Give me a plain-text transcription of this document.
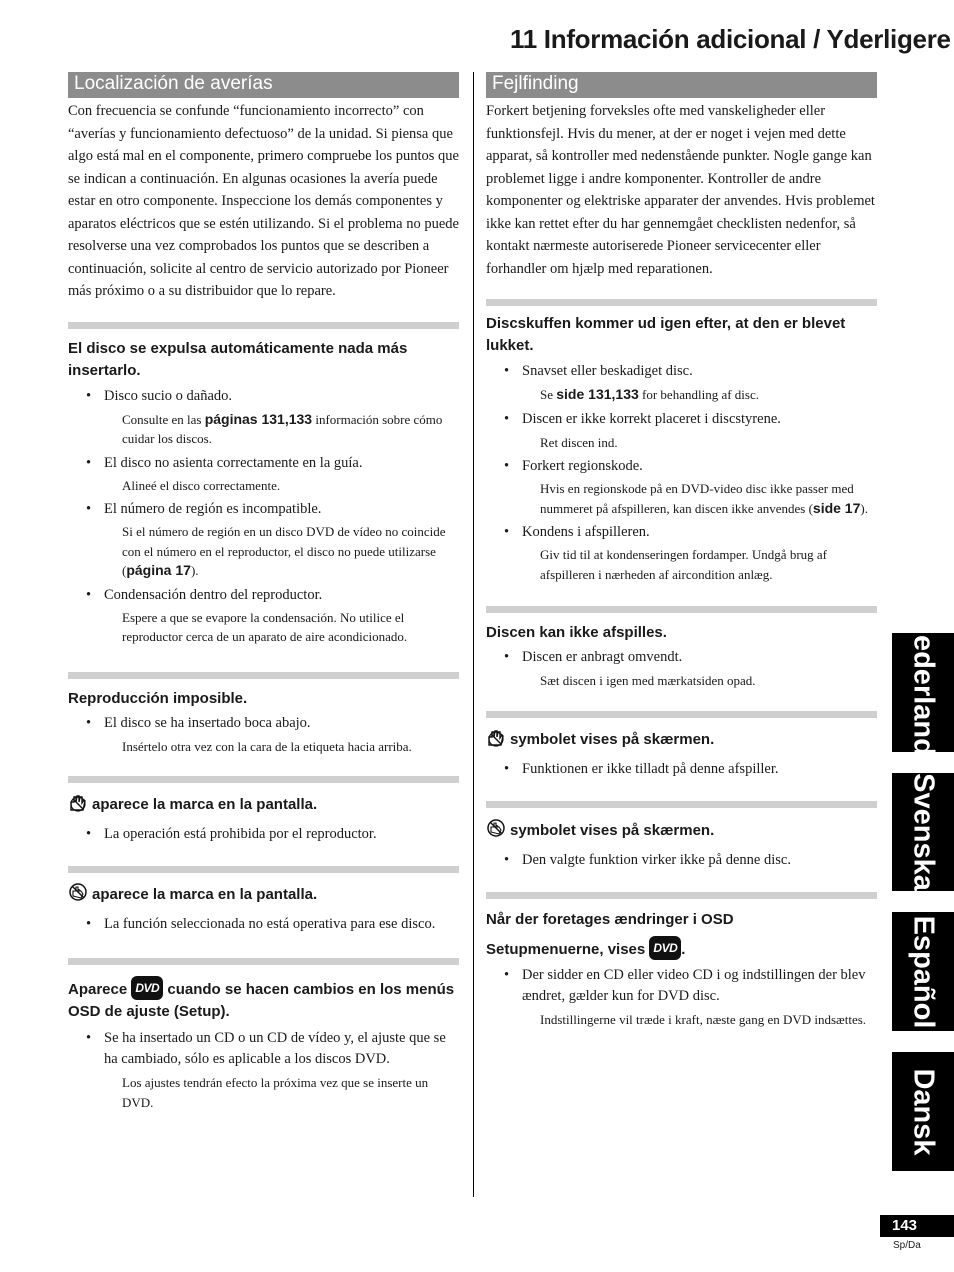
11 Información adicional / Yderligere
Localización de averías

Con frecuencia se confunde “funcionamiento incorrecto” con “averías y funcionamiento defectuoso” de la unidad. Si piensa que algo está mal en el componente, primero compruebe los puntos que se indican a continuación. En algunas ocasiones la avería puede estar en otro componente. Inspeccione los demás componentes y aparatos eléctricos que se estén utilizando. Si el problema no puede resolverse una vez comprobados los puntos que se describen a continuación, solicite al centro de servicio autorizado por Pioneer más próximo o a su distribuidor que lo repare.

El disco se expulsa automáticamente nada más insertarlo.

• Disco sucio o dañado.

Consulte en las páginas 131,133 información sobre cómo cuidar los discos.

• El disco no asienta correctamente en la guía.

Alineé el disco correctamente.

• El número de región es incompatible.

Si el número de región en un disco DVD de vídeo no coincide con el número en el reproductor, el disco no puede utilizarse (página 17).

• Condensación dentro del reproductor.

Espere a que se evapore la condensación. No utilice el reproductor cerca de un aparato de aire acondicionado.

Reproducción imposible.

• El disco se ha insertado boca abajo.

Insértelo otra vez con la cara de la etiqueta hacia arriba.

aparece la marca en la pantalla.

• La operación está prohibida por el reproductor.

aparece la marca en la pantalla.

• La función seleccionada no está operativa para ese disco.

Aparece DVD cuando se hacen cambios en los menús OSD de ajuste (Setup).

• Se ha insertado un CD o un CD de vídeo y, el ajuste que se ha cambiado, sólo es aplicable a los discos DVD.

Los ajustes tendrán efecto la próxima vez que se inserte un DVD.

Fejlfinding

Forkert betjening forveksles ofte med vanskeligheder eller funktionsfejl. Hvis du mener, at der er noget i vejen med dette apparat, så kontroller med nedenstående punkter. Nogle gange kan problemet ligge i andre komponenter. Kontroller de andre komponenter og elektriske apparater der anvendes. Hvis problemet ikke kan rettet efter du har gennemgået checklisten nedenfor, så kontakt nærmeste autoriserede Pioneer servicecenter eller forhandler om hjælp med reparationen.

Discskuffen kommer ud igen efter, at den er blevet lukket.

• Snavset eller beskadiget disc.

Se side 131,133 for behandling af disc.

• Discen er ikke korrekt placeret i discstyrene.

Ret discen ind.

• Forkert regionskode.

Hvis en regionskode på en DVD-video disc ikke passer med nummeret på afspilleren, kan discen ikke anvendes (side 17).

• Kondens i afspilleren.

Giv tid til at kondenseringen fordamper. Undgå brug af afspilleren i nærheden af aircondition anlæg.

Discen kan ikke afspilles.

• Discen er anbragt omvendt.

Sæt discen i igen med mærkatsiden opad.

symbolet vises på skærmen.

• Funktionen er ikke tilladt på denne afspiller.

symbolet vises på skærmen.

• Den valgte funktion virker ikke på denne disc.

Når der foretages ændringer i OSD

Setupmenuerne, vises DVD .

• Der sidder en CD eller video CD i og indstillingen der blev ændret, gælder kun for DVD disc.

Indstillingerne vil træde i kraft, næste gang en DVD indsættes.

Nederlands
Svenska
Español
Dansk
143
Sp/Da
